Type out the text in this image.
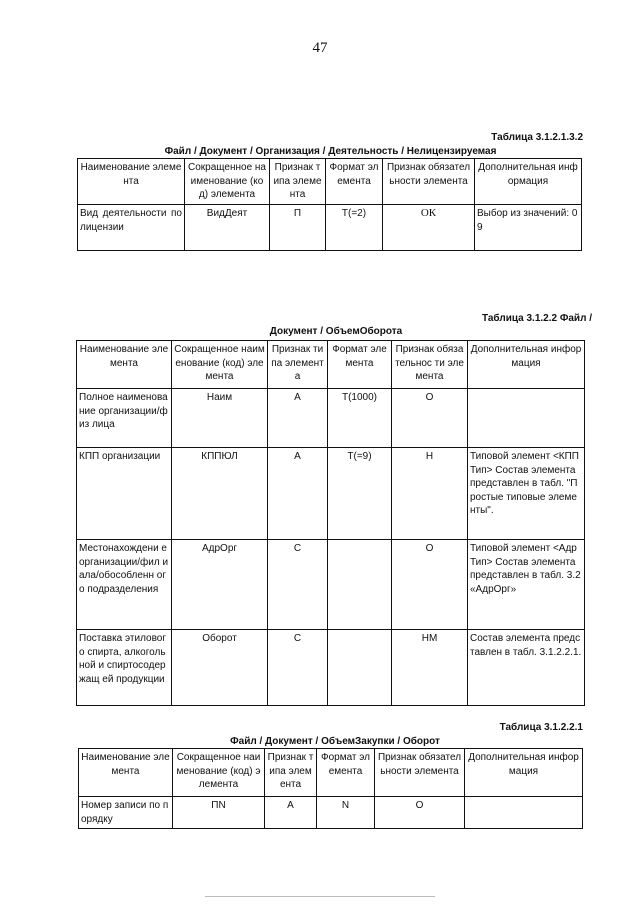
47
Таблица 3.1.2.1.3.2
Файл / Документ / Организация / Деятельность / Нелицензируемая
Наименование элемента	Сокращенное наименование (код) элемента	Признак типа элемента	Формат элемента	Признак обязательности элемента	Дополнительная информация
Вид деятельности по лицензии	ВидДеят	П	T(=2)	ОК	Выбор из значений: 09
Таблица 3.1.2.2 Файл /
Документ / ОбъемОборота
Наименование элемента	Сокращенное наименование (код) элемента	Признак типа элемента	Формат элемента	Признак обязательнос ти элемента	Дополнительная информация
Полное наименование организации/физ лица	Наим	А	T(1000)	О	
КПП организации	КППЮЛ	А	T(=9)	Н	Типовой элемент <КППТип> Состав элемента представлен в табл. "Простые типовые элементы".
Местонахождени е организации/фил иала/обособленн ого подразделения	АдрОрг	С		О	Типовой элемент <АдрТип> Состав элемента представлен в табл. 3.2 «АдрОрг»
Поставка этилового спирта, алкогольной и спиртосодержащ ей продукции	Оборот	С		НМ	Состав элемента представлен в табл. 3.1.2.2.1.
Таблица 3.1.2.2.1
Файл / Документ / ОбъемЗакупки / Оборот
Наименование элемента	Сокращенное наименование (код) элемента	Признак типа элемента	Формат элемента	Признак обязательности элемента	Дополнительная информация
Номер записи по порядку	ПN	А	N	О	
